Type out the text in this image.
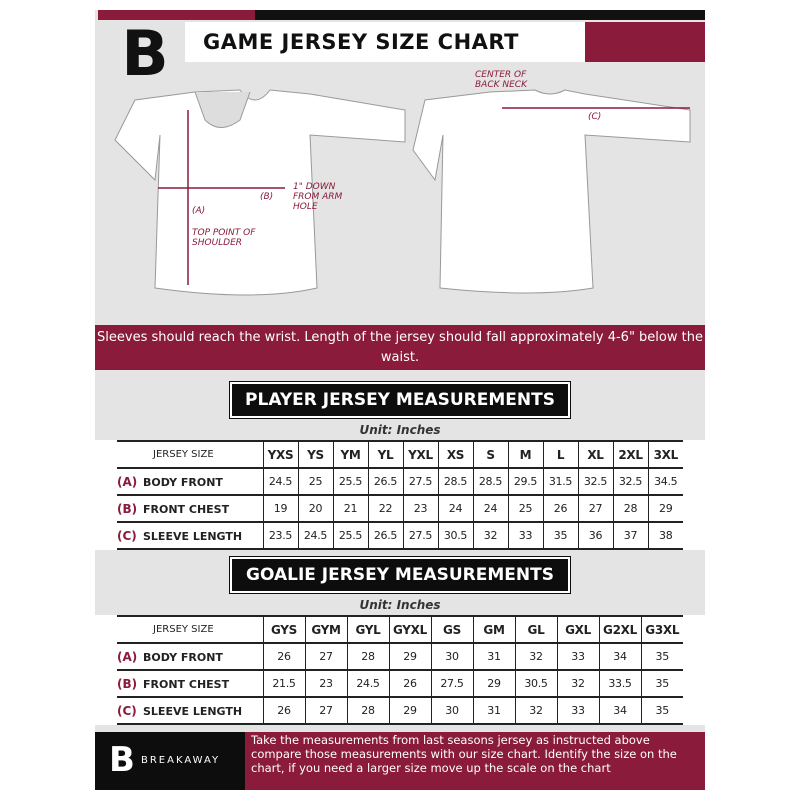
B	GAME JERSEY SIZE CHART
(A)
TOP POINT OF SHOULDER
(B)
1" DOWN FROM ARM HOLE
(C)
CENTER OF BACK NECK
Sleeves should reach the wrist. Length of the jersey should fall approximately 4-6" below the waist.
PLAYER JERSEY MEASUREMENTS
Unit: Inches
JERSEY SIZE	YXS	YS	YM	YL	YXL	XS	S	M	L	XL	2XL	3XL
(A) BODY FRONT	24.5	25	25.5	26.5	27.5	28.5	28.5	29.5	31.5	32.5	32.5	34.5
(B) FRONT CHEST	19	20	21	22	23	24	24	25	26	27	28	29
(C) SLEEVE LENGTH	23.5	24.5	25.5	26.5	27.5	30.5	32	33	35	36	37	38
GOALIE JERSEY MEASUREMENTS
Unit: Inches
JERSEY SIZE	GYS	GYM	GYL	GYXL	GS	GM	GL	GXL	G2XL	G3XL
(A) BODY FRONT	26	27	28	29	30	31	32	33	34	35
(B) FRONT CHEST	21.5	23	24.5	26	27.5	29	30.5	32	33.5	35
(C) SLEEVE LENGTH	26	27	28	29	30	31	32	33	34	35
B BREAKAWAY
Take the measurements from last seasons jersey as instructed above compare those measurements with our size chart. Identify the size on the chart, if you need a larger size move up the scale on the chart
